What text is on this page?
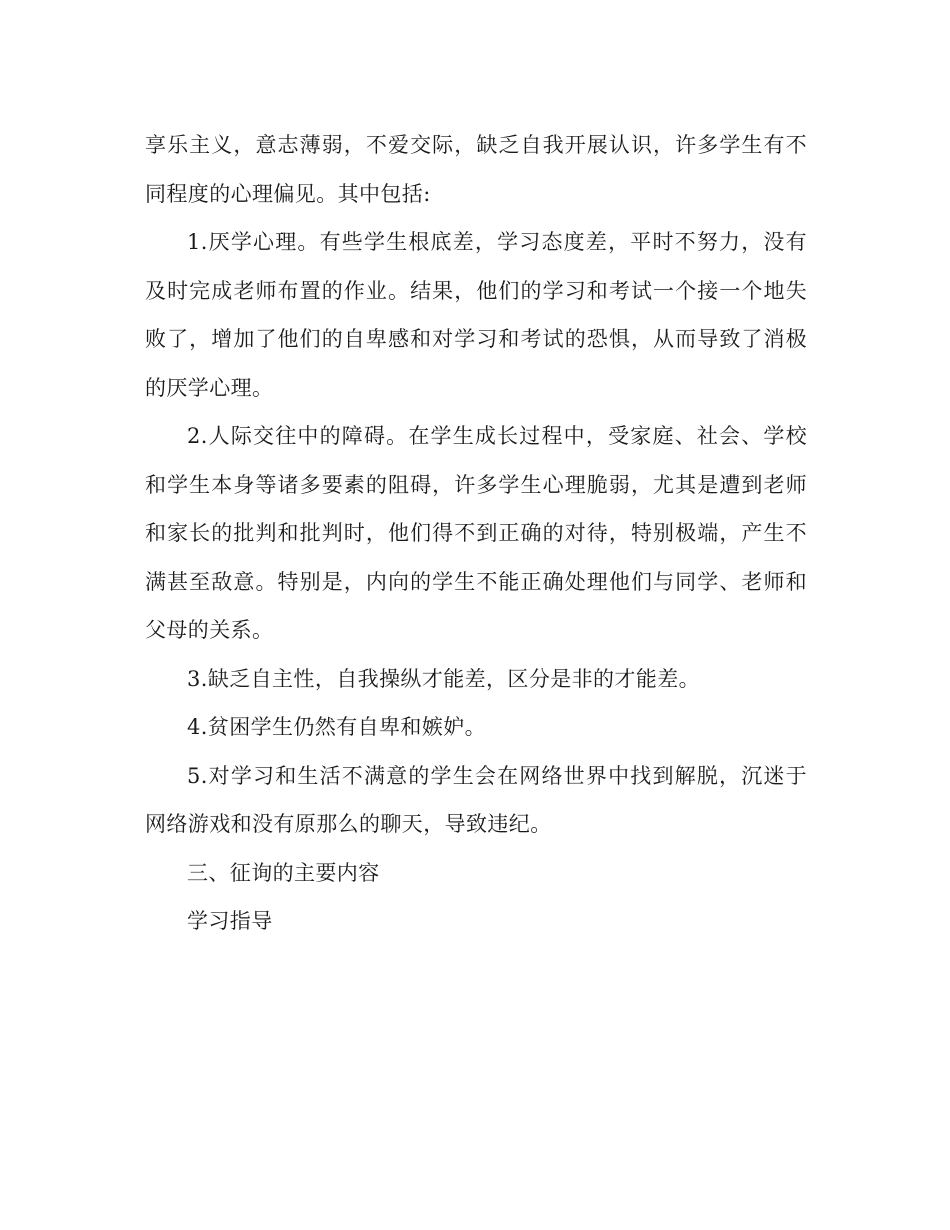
享乐主义，意志薄弱，不爱交际，缺乏自我开展认识，许多学生有不同程度的心理偏见。其中包括:

1.厌学心理。有些学生根底差，学习态度差，平时不努力，没有及时完成老师布置的作业。结果，他们的学习和考试一个接一个地失败了，增加了他们的自卑感和对学习和考试的恐惧，从而导致了消极的厌学心理。

2.人际交往中的障碍。在学生成长过程中，受家庭、社会、学校和学生本身等诸多要素的阻碍，许多学生心理脆弱，尤其是遭到老师和家长的批判和批判时，他们得不到正确的对待，特别极端，产生不满甚至敌意。特别是，内向的学生不能正确处理他们与同学、老师和父母的关系。

3.缺乏自主性，自我操纵才能差，区分是非的才能差。

4.贫困学生仍然有自卑和嫉妒。

5.对学习和生活不满意的学生会在网络世界中找到解脱，沉迷于网络游戏和没有原那么的聊天，导致违纪。

三、征询的主要内容

学习指导
